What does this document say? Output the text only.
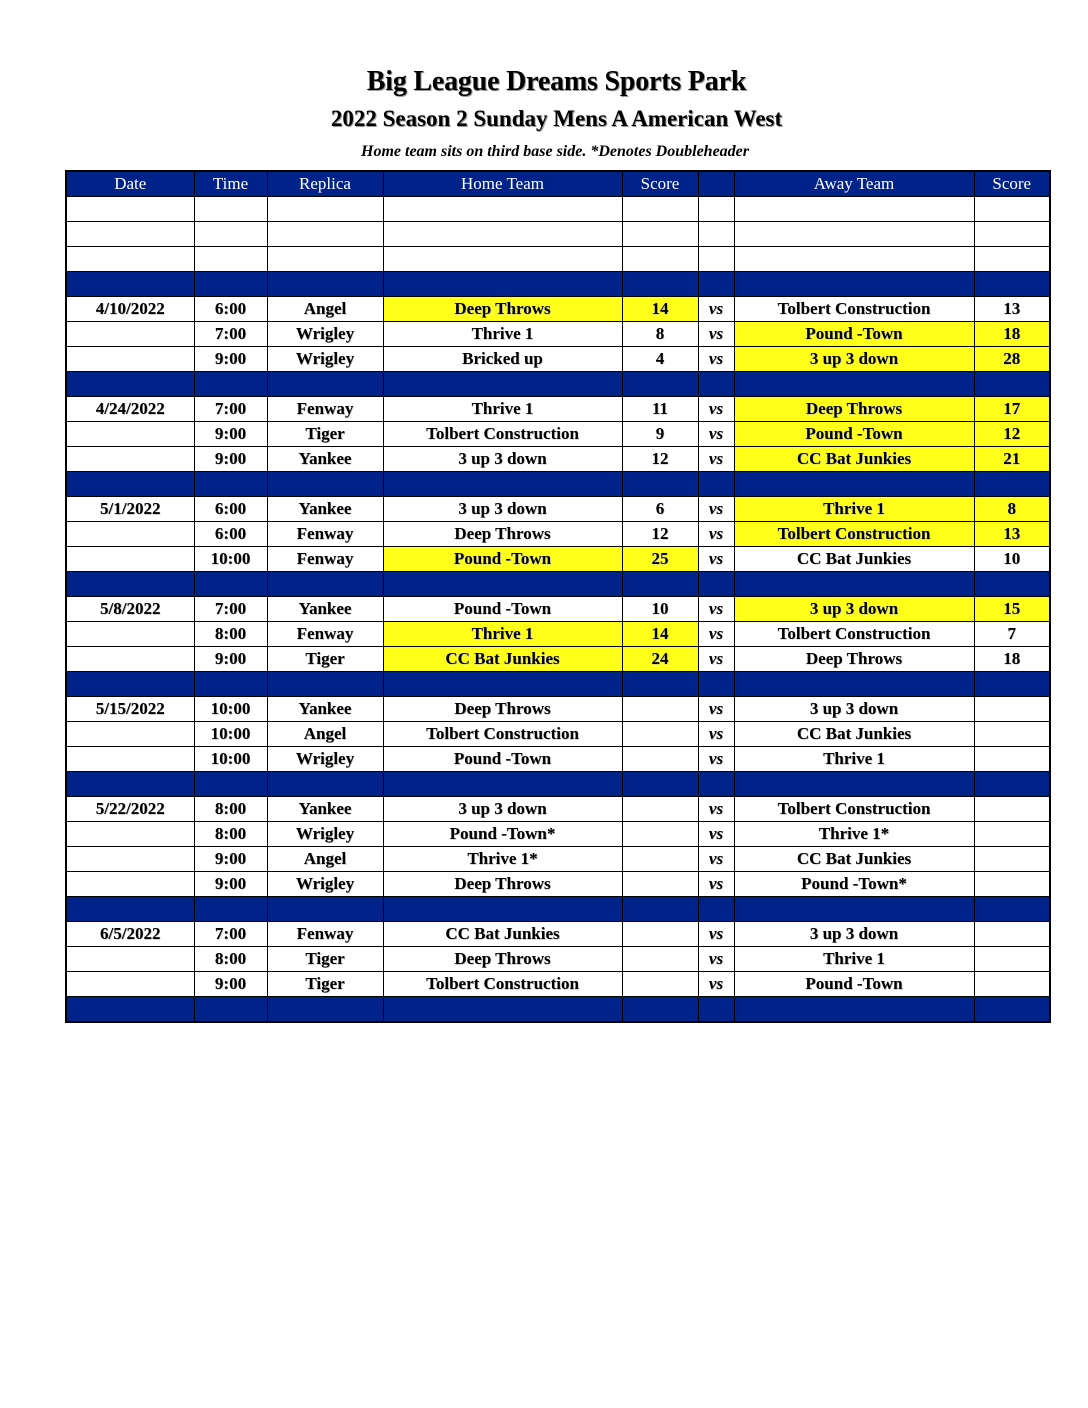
Big League Dreams Sports Park
2022 Season 2 Sunday Mens A American West
Home team sits on third base side. *Denotes Doubleheader
Date	Time	Replica	Home Team	Score		Away Team	Score

4/10/2022	6:00	Angel	Deep Throws	14	vs	Tolbert Construction	13
	7:00	Wrigley	Thrive 1	8	vs	Pound -Town	18
	9:00	Wrigley	Bricked up	4	vs	3 up 3 down	28

4/24/2022	7:00	Fenway	Thrive 1	11	vs	Deep Throws	17
	9:00	Tiger	Tolbert Construction	9	vs	Pound -Town	12
	9:00	Yankee	3 up 3 down	12	vs	CC Bat Junkies	21

5/1/2022	6:00	Yankee	3 up 3 down	6	vs	Thrive 1	8
	6:00	Fenway	Deep Throws	12	vs	Tolbert Construction	13
	10:00	Fenway	Pound -Town	25	vs	CC Bat Junkies	10

5/8/2022	7:00	Yankee	Pound -Town	10	vs	3 up 3 down	15
	8:00	Fenway	Thrive 1	14	vs	Tolbert Construction	7
	9:00	Tiger	CC Bat Junkies	24	vs	Deep Throws	18

5/15/2022	10:00	Yankee	Deep Throws		vs	3 up 3 down	
	10:00	Angel	Tolbert Construction		vs	CC Bat Junkies	
	10:00	Wrigley	Pound -Town		vs	Thrive 1	

5/22/2022	8:00	Yankee	3 up 3 down		vs	Tolbert Construction	
	8:00	Wrigley	Pound -Town*		vs	Thrive 1*	
	9:00	Angel	Thrive 1*		vs	CC Bat Junkies	
	9:00	Wrigley	Deep Throws		vs	Pound -Town*	

6/5/2022	7:00	Fenway	CC Bat Junkies		vs	3 up 3 down	
	8:00	Tiger	Deep Throws		vs	Thrive 1	
	9:00	Tiger	Tolbert Construction		vs	Pound -Town	
